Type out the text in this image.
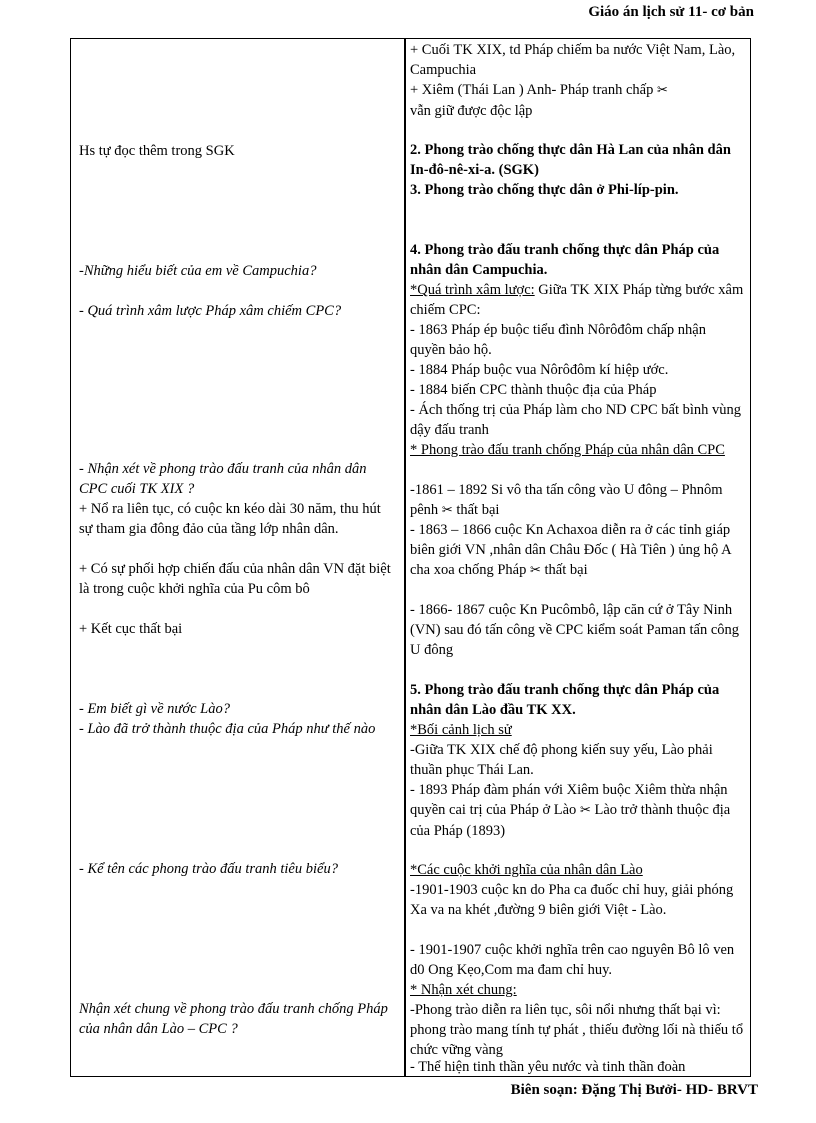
Giáo án lịch sử 11- cơ bản

Hs tự đọc thêm trong SGK

-Những hiểu biết của em về Campuchia?

- Quá trình xâm lược Pháp xâm chiếm CPC?

- Nhận xét về phong trào đấu tranh của nhân dân CPC cuối TK XIX ?

+ Nổ ra liên tục, có cuộc kn kéo dài 30 năm, thu hút sự tham gia đông đảo của tầng lớp nhân dân.

+ Có sự phối hợp chiến đấu của nhân dân VN đặt biệt là trong cuộc khởi nghĩa của Pu côm bô

+ Kết cục thất bại

- Em biết gì về nước Lào?

- Lào đã trở thành thuộc địa của Pháp như thế nào

- Kể tên các phong trào đấu tranh tiêu biểu?

Nhận xét chung về phong trào đấu tranh chống Pháp của nhân dân Lào – CPC ?

+ Cuối TK XIX, td Pháp chiếm ba nước Việt Nam, Lào, Campuchia

+ Xiêm (Thái Lan ) Anh- Pháp tranh chấp ✂
vẫn giữ được độc lập

2. Phong trào chống thực dân Hà Lan của nhân dân In-đô-nê-xi-a. (SGK)

3. Phong trào chống thực dân ở Phi-líp-pin.

4. Phong trào đấu tranh chống thực dân Pháp của nhân dân Campuchia.

*Quá trình xâm lược: Giữa TK XIX Pháp từng bước xâm chiếm CPC:

- 1863 Pháp ép buộc tiểu đình Nôrôđôm chấp nhận quyền bảo hộ.

- 1884 Pháp buộc vua Nôrôđôm kí hiệp ước.

- 1884 biến CPC thành thuộc địa của Pháp

- Ách thống trị của Pháp làm cho ND CPC bất bình vùng dậy đấu tranh

* Phong trào đấu tranh chống Pháp của nhân dân CPC

-1861 – 1892 Si vô tha tấn công vào U đông – Phnôm pênh ✂ thất bại

- 1863 – 1866 cuộc Kn Achaxoa diễn ra ở các tỉnh giáp biên giới VN ,nhân dân Châu Đốc ( Hà Tiên ) ủng hộ A cha xoa chống Pháp ✂ thất bại

- 1866- 1867 cuộc Kn Pucômbô, lập căn cứ ở Tây Ninh (VN) sau đó tấn công về CPC kiểm soát Paman tấn công U đông

5. Phong trào đấu tranh chống thực dân Pháp của nhân dân Lào đầu TK XX.

*Bối cảnh lịch sử

-Giữa TK XIX chế độ phong kiến suy yếu, Lào phải thuần phục Thái Lan.

- 1893 Pháp đàm phán với Xiêm buộc Xiêm thừa nhận quyền cai trị của Pháp ở Lào ✂ Lào trở thành thuộc địa của Pháp (1893)

*Các cuộc khởi nghĩa của nhân dân Lào

-1901-1903 cuộc kn do Pha ca đuốc chỉ huy, giải phóng Xa va na khét ,đường 9 biên giới Việt - Lào.

- 1901-1907 cuộc khởi nghĩa trên cao nguyên Bô lô ven d0 Ong Kẹo,Com ma đam chỉ huy.

* Nhận xét chung:

-Phong trào diễn ra liên tục, sôi nổi nhưng thất bại vì: phong trào mang tính tự phát , thiếu đường lối nà thiếu tổ chức vững vàng

- Thể hiện tinh thần yêu nước và tinh thần đoàn

Biên soạn: Đặng Thị Bưởi- HD- BRVT
